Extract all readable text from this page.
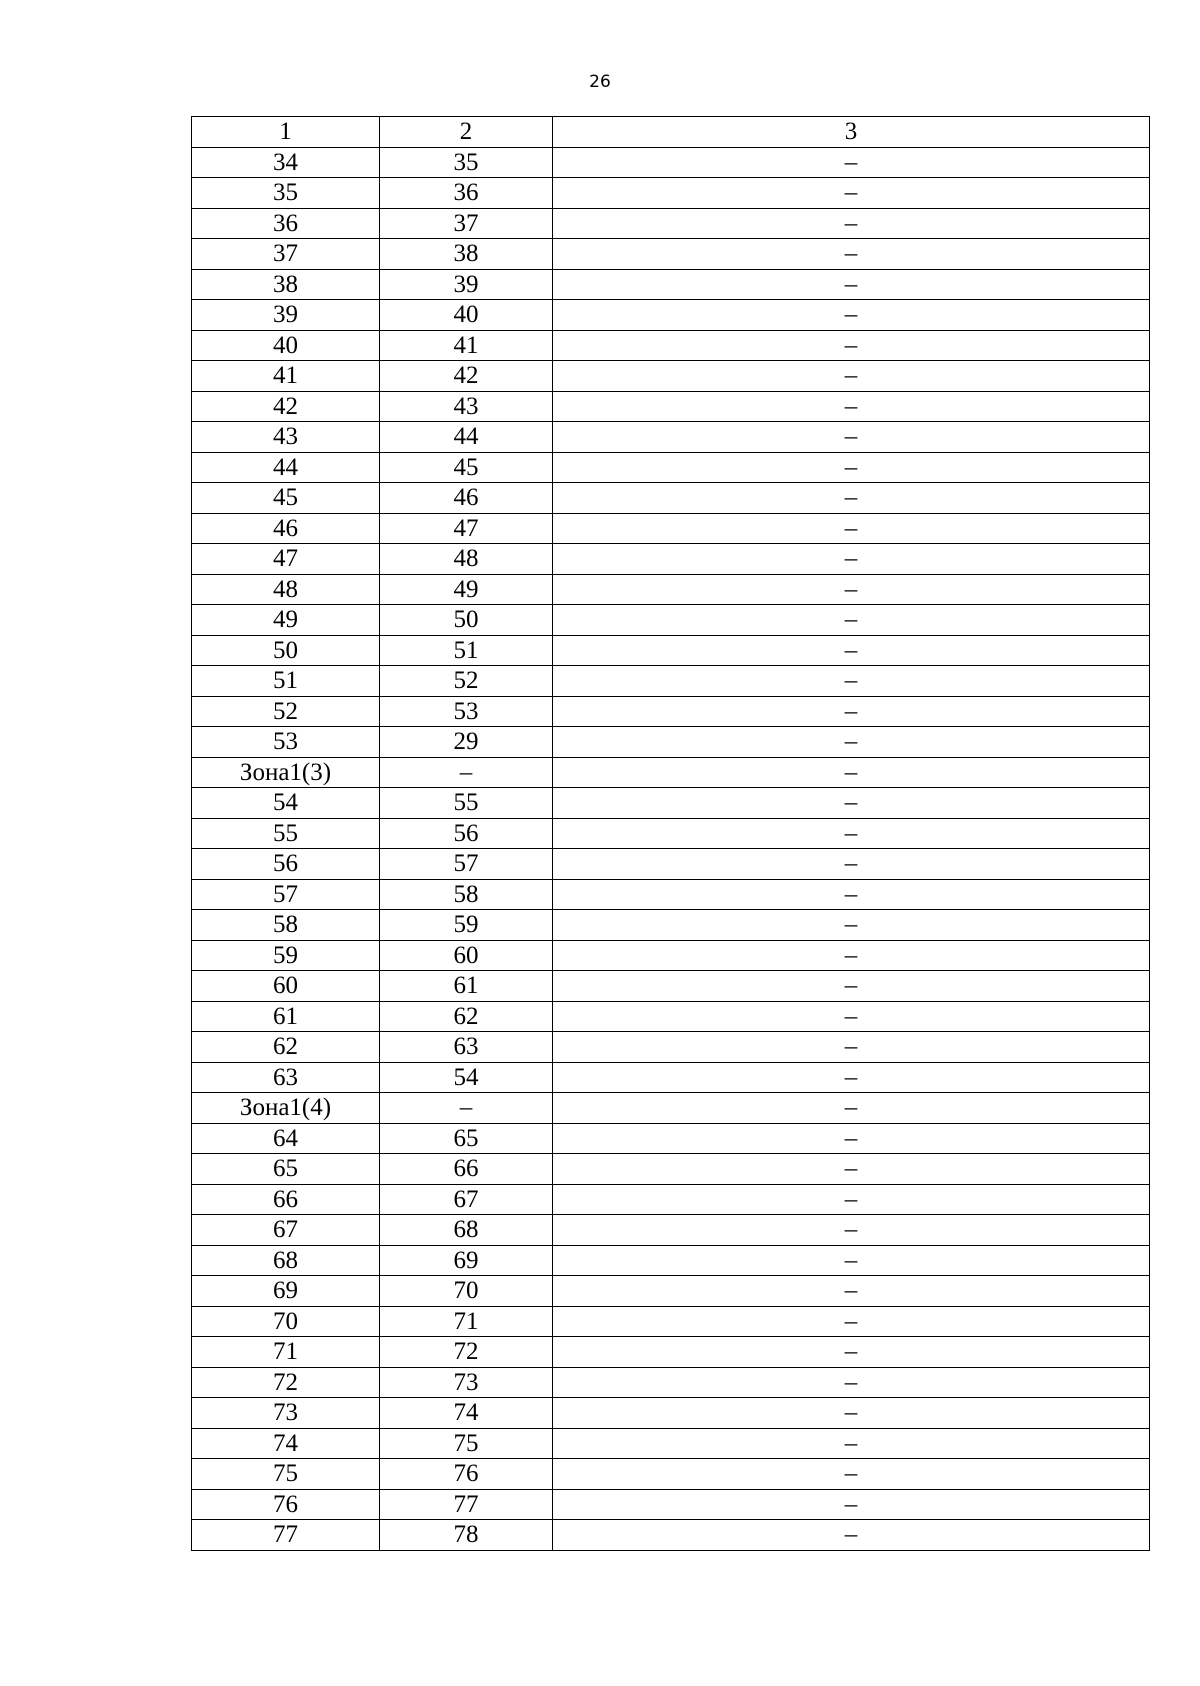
26
1	2	3
34	35	–
35	36	–
36	37	–
37	38	–
38	39	–
39	40	–
40	41	–
41	42	–
42	43	–
43	44	–
44	45	–
45	46	–
46	47	–
47	48	–
48	49	–
49	50	–
50	51	–
51	52	–
52	53	–
53	29	–
Зона1(3)	–	–
54	55	–
55	56	–
56	57	–
57	58	–
58	59	–
59	60	–
60	61	–
61	62	–
62	63	–
63	54	–
Зона1(4)	–	–
64	65	–
65	66	–
66	67	–
67	68	–
68	69	–
69	70	–
70	71	–
71	72	–
72	73	–
73	74	–
74	75	–
75	76	–
76	77	–
77	78	–
